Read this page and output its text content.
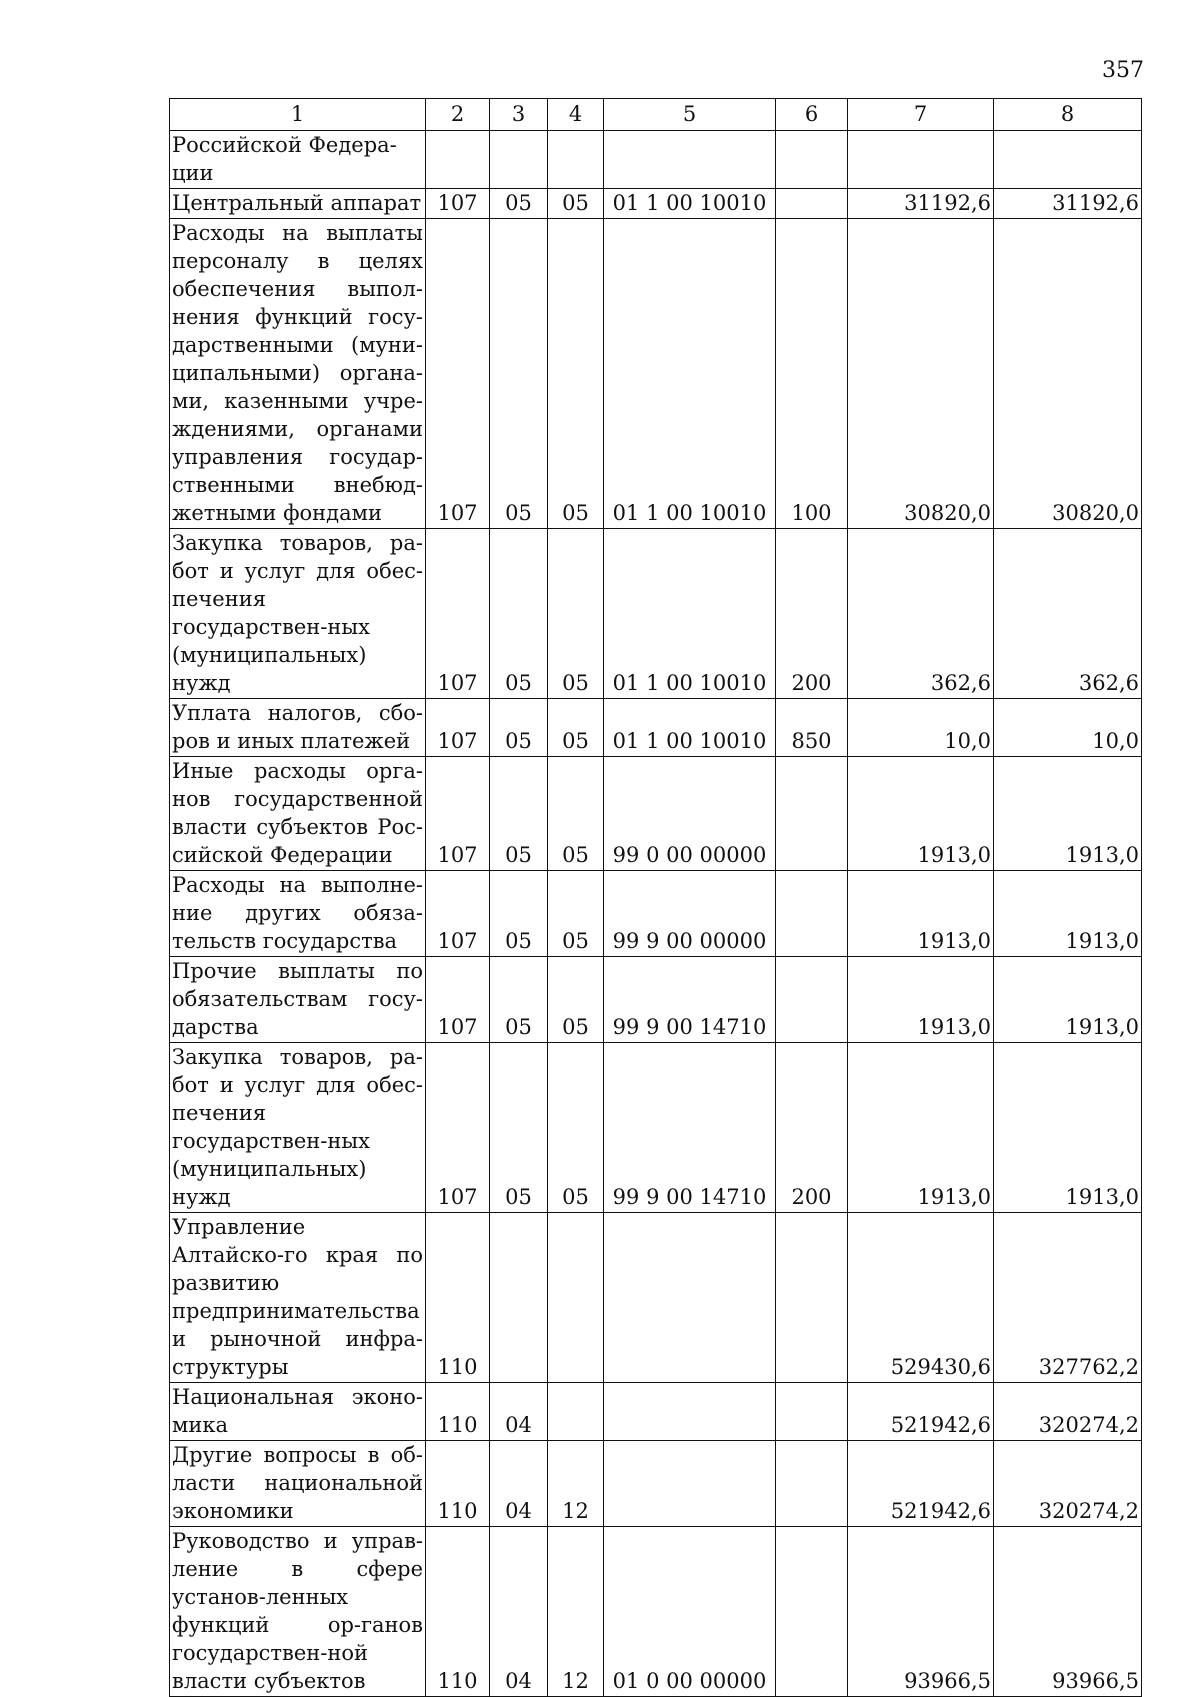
357
1	2	3	4	5	6	7	8
Российской Федера-
ции							
Центральный аппарат	107	05	05	01 1 00 10010		31192,6	31192,6
Расходы на выплаты персоналу в целях обеспечения выпол-нения функций госу-дарственными (муни-ципальными) органа-ми, казенными учре-ждениями, органами управления государ-ственными внебюд-жетными фондами	107	05	05	01 1 00 10010	100	30820,0	30820,0
Закупка товаров, ра-бот и услуг для обес-печения государствен-ных (муниципальных) нужд	107	05	05	01 1 00 10010	200	362,6	362,6
Уплата налогов, сбо-ров и иных платежей	107	05	05	01 1 00 10010	850	10,0	10,0
Иные расходы орга-нов государственной власти субъектов Рос-сийской Федерации	107	05	05	99 0 00 00000		1913,0	1913,0
Расходы на выполне-ние других обяза-тельств государства	107	05	05	99 9 00 00000		1913,0	1913,0
Прочие выплаты по обязательствам госу-дарства	107	05	05	99 9 00 14710		1913,0	1913,0
Закупка товаров, ра-бот и услуг для обес-печения государствен-ных (муниципальных) нужд	107	05	05	99 9 00 14710	200	1913,0	1913,0
Управление Алтайско-го края по развитию предпринимательства и рыночной инфра-структуры	110					529430,6	327762,2
Национальная эконо-мика	110	04				521942,6	320274,2
Другие вопросы в об-ласти национальной экономики	110	04	12			521942,6	320274,2
Руководство и управ-ление в сфере установ-ленных функций ор-ганов государствен-ной власти субъектов	110	04	12	01 0 00 00000		93966,5	93966,5
